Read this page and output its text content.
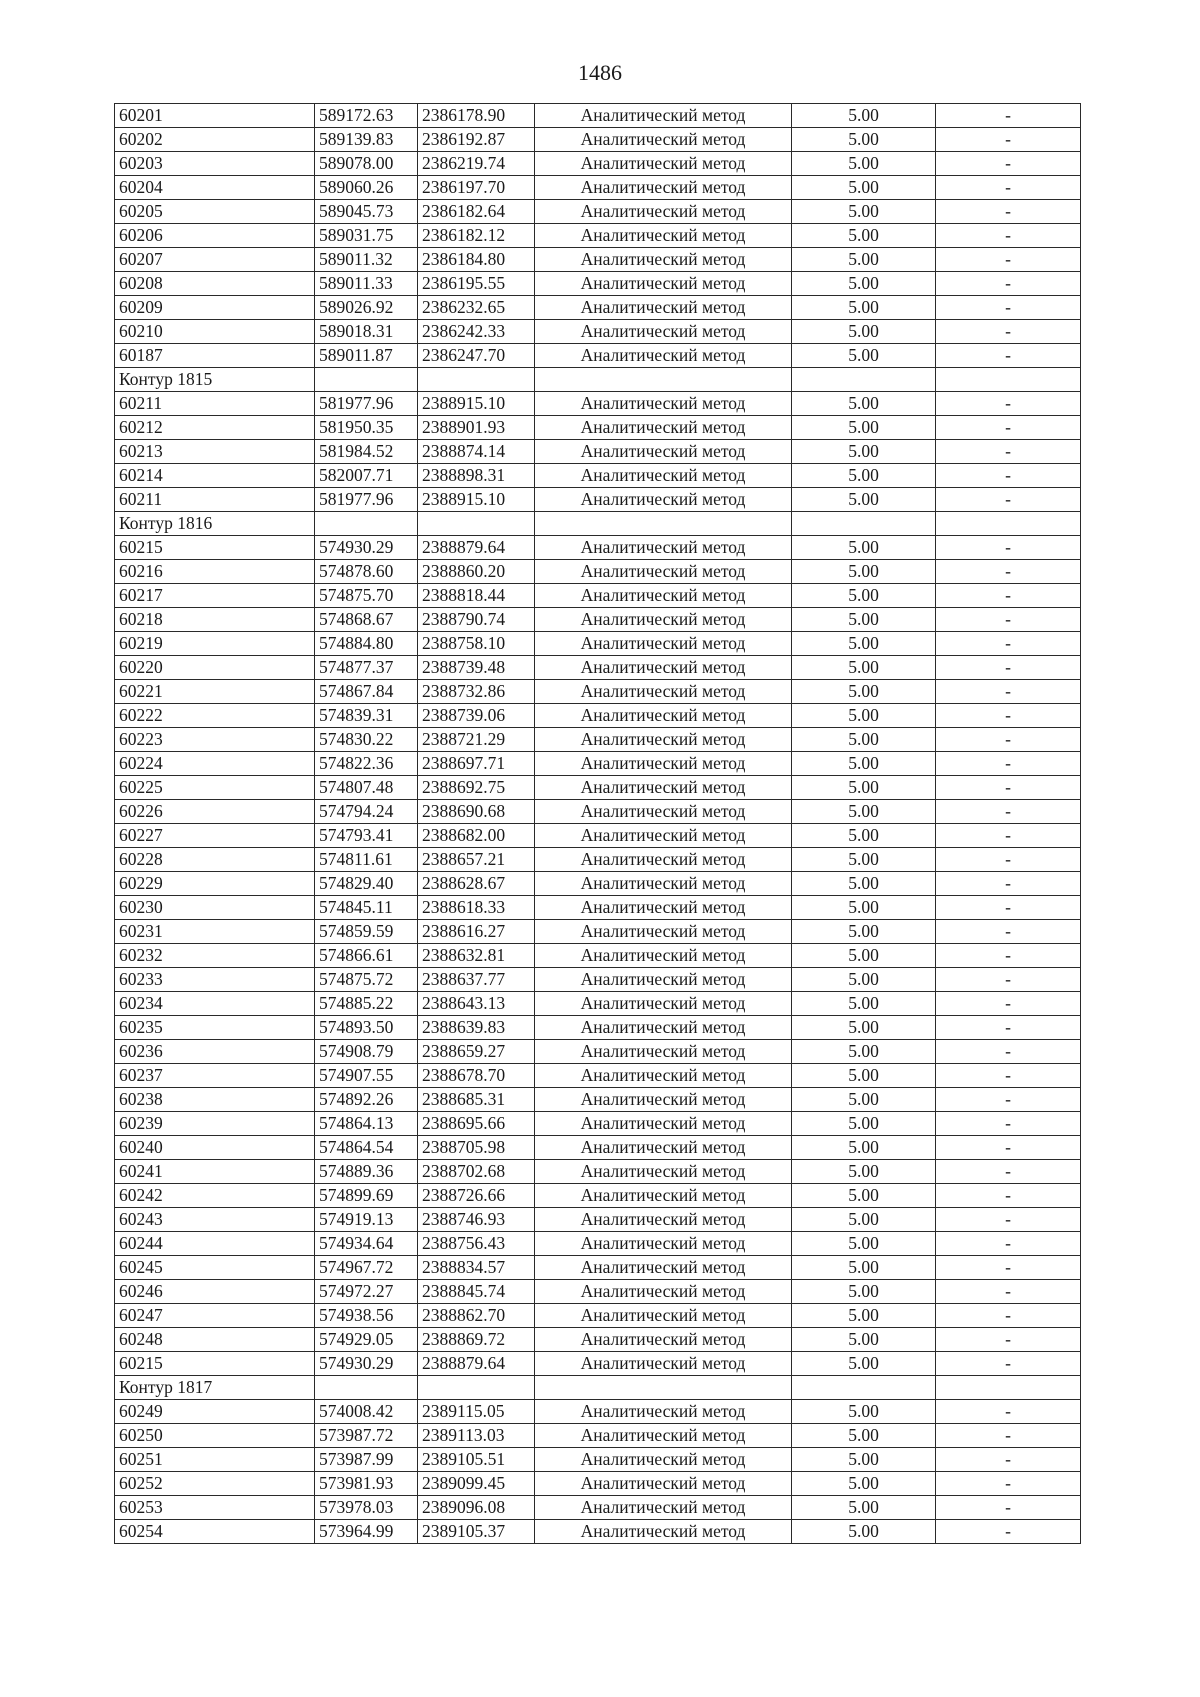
1486
60201	589172.63	2386178.90	Аналитический метод	5.00	-
60202	589139.83	2386192.87	Аналитический метод	5.00	-
60203	589078.00	2386219.74	Аналитический метод	5.00	-
60204	589060.26	2386197.70	Аналитический метод	5.00	-
60205	589045.73	2386182.64	Аналитический метод	5.00	-
60206	589031.75	2386182.12	Аналитический метод	5.00	-
60207	589011.32	2386184.80	Аналитический метод	5.00	-
60208	589011.33	2386195.55	Аналитический метод	5.00	-
60209	589026.92	2386232.65	Аналитический метод	5.00	-
60210	589018.31	2386242.33	Аналитический метод	5.00	-
60187	589011.87	2386247.70	Аналитический метод	5.00	-
Контур 1815					
60211	581977.96	2388915.10	Аналитический метод	5.00	-
60212	581950.35	2388901.93	Аналитический метод	5.00	-
60213	581984.52	2388874.14	Аналитический метод	5.00	-
60214	582007.71	2388898.31	Аналитический метод	5.00	-
60211	581977.96	2388915.10	Аналитический метод	5.00	-
Контур 1816					
60215	574930.29	2388879.64	Аналитический метод	5.00	-
60216	574878.60	2388860.20	Аналитический метод	5.00	-
60217	574875.70	2388818.44	Аналитический метод	5.00	-
60218	574868.67	2388790.74	Аналитический метод	5.00	-
60219	574884.80	2388758.10	Аналитический метод	5.00	-
60220	574877.37	2388739.48	Аналитический метод	5.00	-
60221	574867.84	2388732.86	Аналитический метод	5.00	-
60222	574839.31	2388739.06	Аналитический метод	5.00	-
60223	574830.22	2388721.29	Аналитический метод	5.00	-
60224	574822.36	2388697.71	Аналитический метод	5.00	-
60225	574807.48	2388692.75	Аналитический метод	5.00	-
60226	574794.24	2388690.68	Аналитический метод	5.00	-
60227	574793.41	2388682.00	Аналитический метод	5.00	-
60228	574811.61	2388657.21	Аналитический метод	5.00	-
60229	574829.40	2388628.67	Аналитический метод	5.00	-
60230	574845.11	2388618.33	Аналитический метод	5.00	-
60231	574859.59	2388616.27	Аналитический метод	5.00	-
60232	574866.61	2388632.81	Аналитический метод	5.00	-
60233	574875.72	2388637.77	Аналитический метод	5.00	-
60234	574885.22	2388643.13	Аналитический метод	5.00	-
60235	574893.50	2388639.83	Аналитический метод	5.00	-
60236	574908.79	2388659.27	Аналитический метод	5.00	-
60237	574907.55	2388678.70	Аналитический метод	5.00	-
60238	574892.26	2388685.31	Аналитический метод	5.00	-
60239	574864.13	2388695.66	Аналитический метод	5.00	-
60240	574864.54	2388705.98	Аналитический метод	5.00	-
60241	574889.36	2388702.68	Аналитический метод	5.00	-
60242	574899.69	2388726.66	Аналитический метод	5.00	-
60243	574919.13	2388746.93	Аналитический метод	5.00	-
60244	574934.64	2388756.43	Аналитический метод	5.00	-
60245	574967.72	2388834.57	Аналитический метод	5.00	-
60246	574972.27	2388845.74	Аналитический метод	5.00	-
60247	574938.56	2388862.70	Аналитический метод	5.00	-
60248	574929.05	2388869.72	Аналитический метод	5.00	-
60215	574930.29	2388879.64	Аналитический метод	5.00	-
Контур 1817					
60249	574008.42	2389115.05	Аналитический метод	5.00	-
60250	573987.72	2389113.03	Аналитический метод	5.00	-
60251	573987.99	2389105.51	Аналитический метод	5.00	-
60252	573981.93	2389099.45	Аналитический метод	5.00	-
60253	573978.03	2389096.08	Аналитический метод	5.00	-
60254	573964.99	2389105.37	Аналитический метод	5.00	-
